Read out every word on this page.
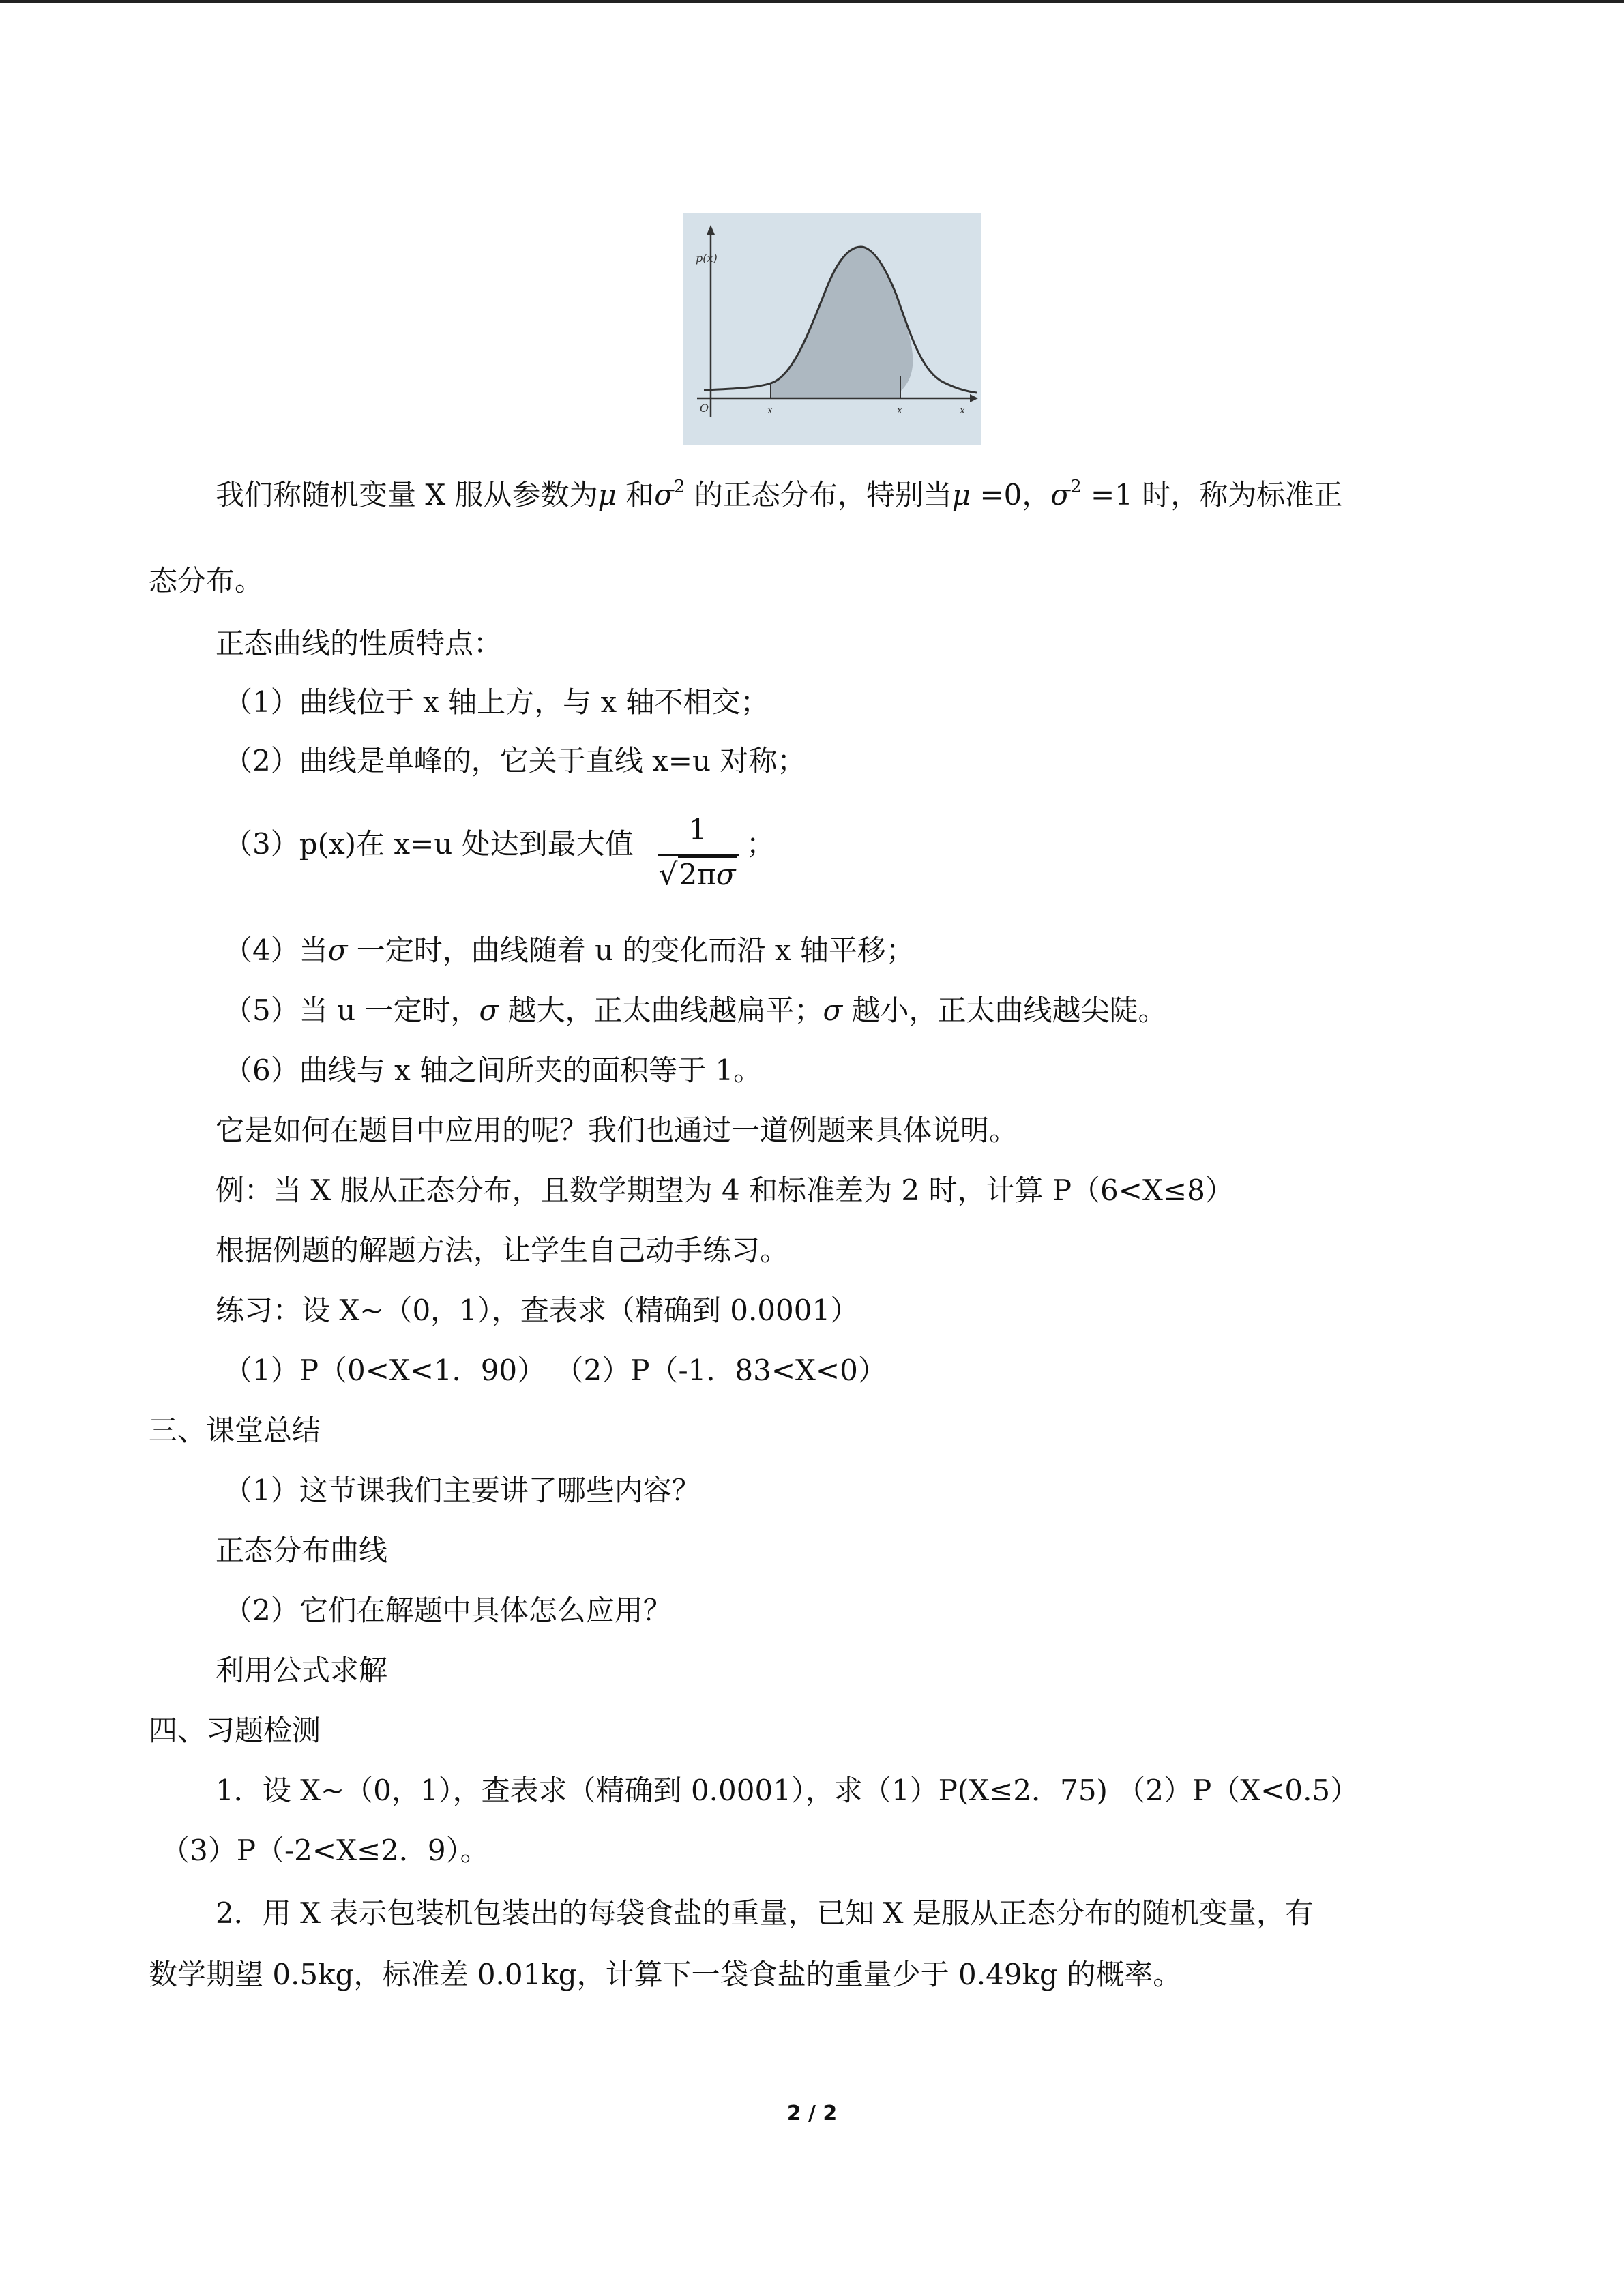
p(x)
O	x	x	x
我们称随机变量 X 服从参数为μ 和$\sigma^2$ 的正态分布，特别当μ =0，$\sigma^2 =1$ 时，称为标准正
态分布。
正态曲线的性质特点：
（1）曲线位于 x 轴上方，与 x 轴不相交；
（2）曲线是单峰的，它关于直线 x=u 对称；
（3）p(x)在 x=u 处达到最大值	1
√2πσ
；
（4）当σ 一定时，曲线随着 u 的变化而沿 x 轴平移；
（5）当 u 一定时，σ 越大，正太曲线越扁平；σ 越小，正太曲线越尖陡。
（6）曲线与 x 轴之间所夹的面积等于 1。
它是如何在题目中应用的呢？我们也通过一道例题来具体说明。
例：当 X 服从正态分布，且数学期望为 4 和标准差为 2 时，计算 P（6<X≤8）
根据例题的解题方法，让学生自己动手练习。
练习：设 X~（0，1），查表求（精确到 0.0001）
（1）P（0<X<1．90） （2）P（-1．83<X<0）
三、课堂总结
（1）这节课我们主要讲了哪些内容？
正态分布曲线
（2）它们在解题中具体怎么应用？
利用公式求解
四、习题检测
1．设 X~（0，1），查表求（精确到 0.0001），求（1）P(X≤2．75) （2）P（X<0.5）
（3）P（-2<X≤2．9）。
2．用 X 表示包装机包装出的每袋食盐的重量，已知 X 是服从正态分布的随机变量，有
数学期望 0.5kg，标准差 0.01kg，计算下一袋食盐的重量少于 0.49kg 的概率。
2 / 2
